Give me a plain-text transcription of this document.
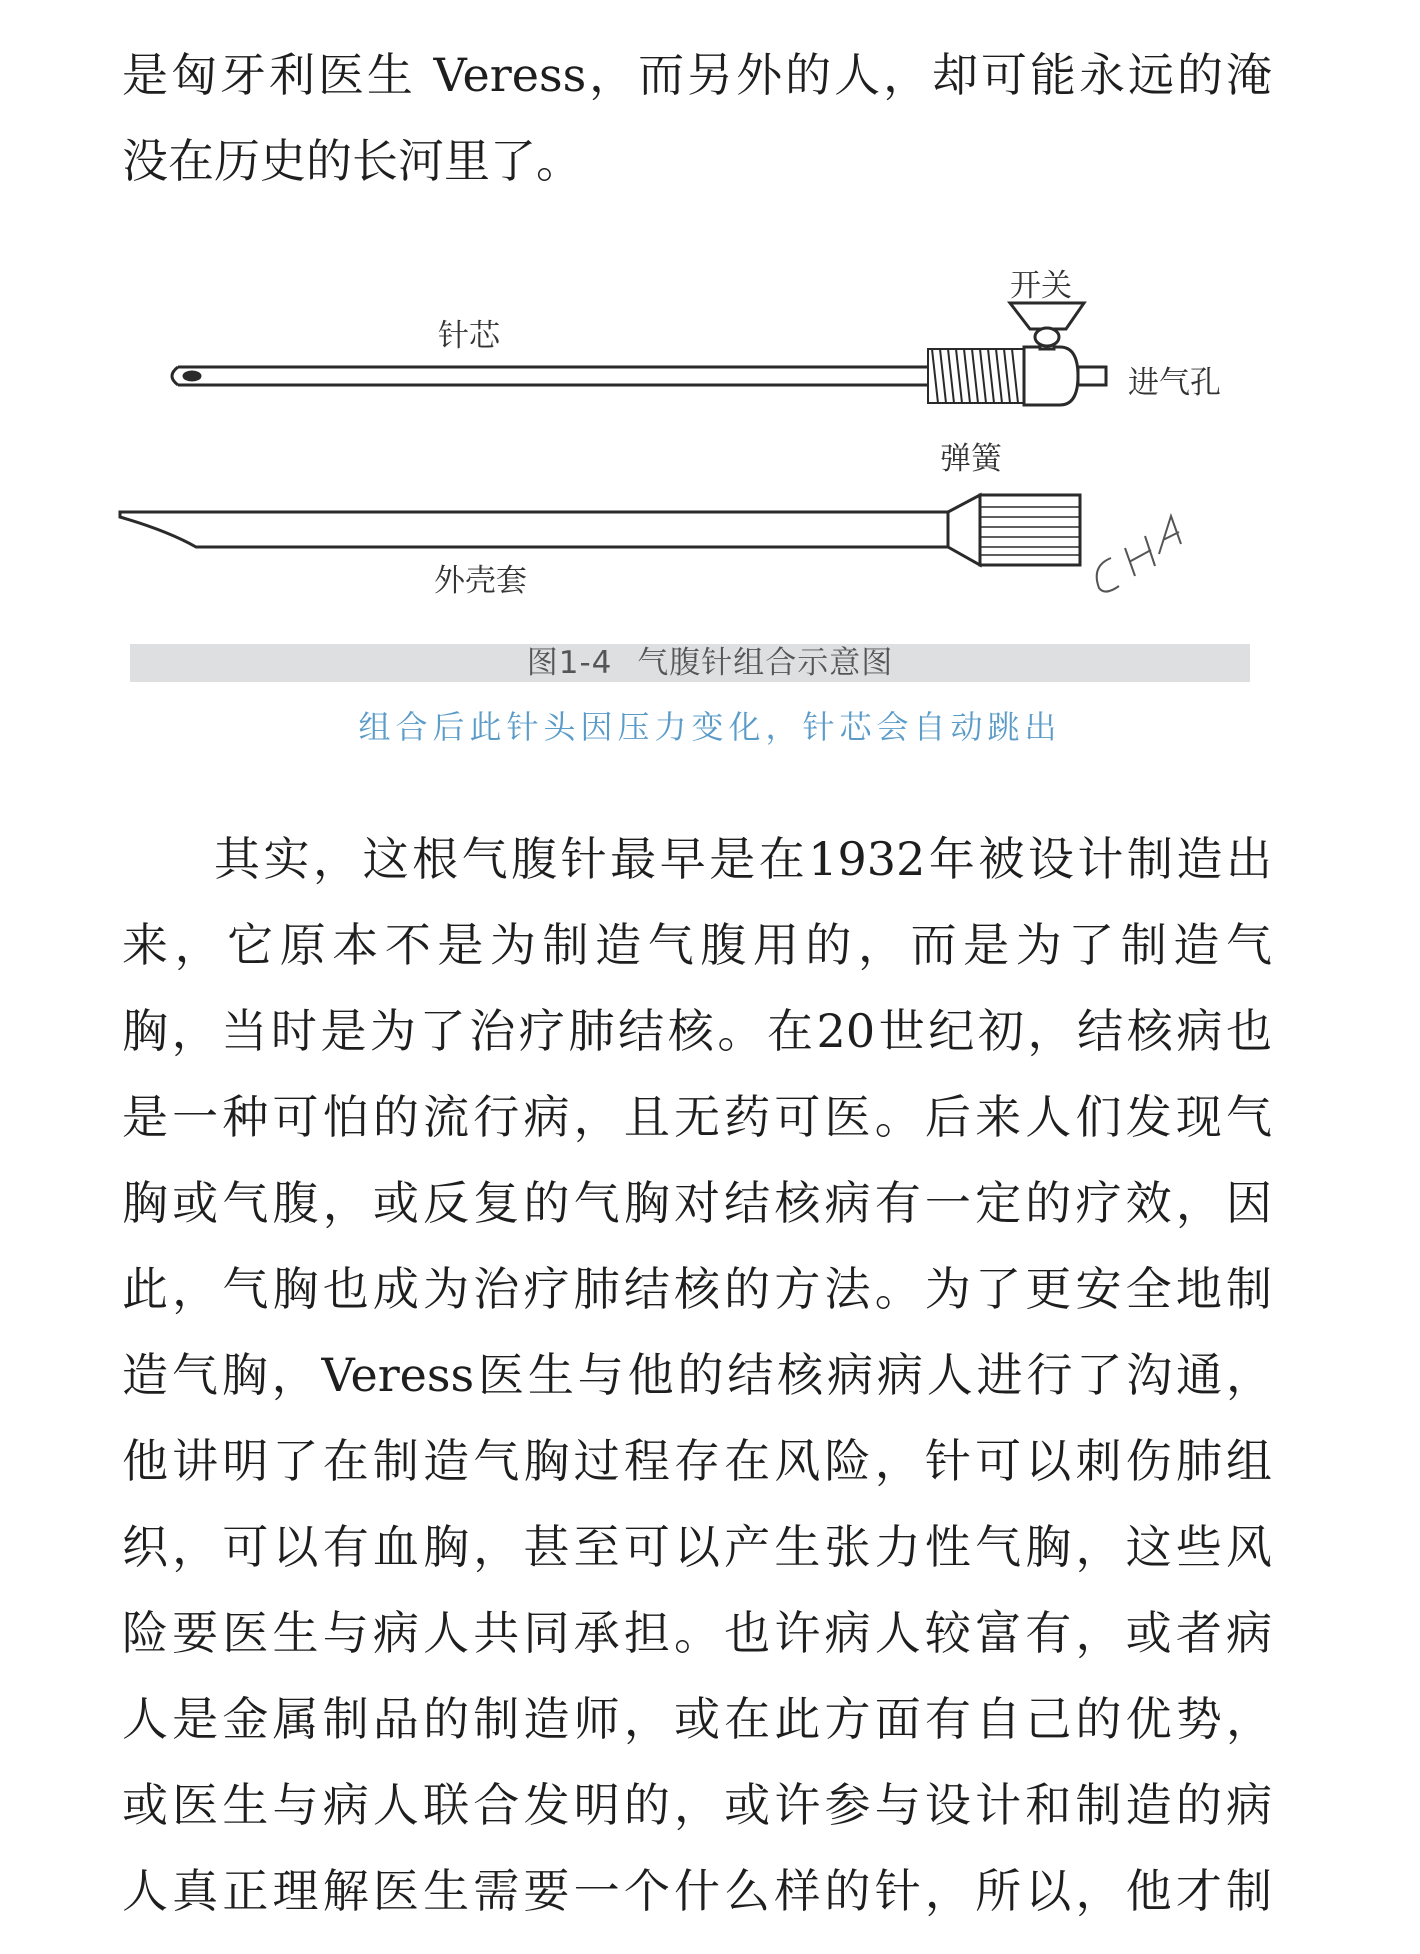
是匈牙利医生 Veress，而另外的人，却可能永远的淹
没在历史的长河里了。
针芯
开关
进气孔
弹簧
外壳套
图1-4 气腹针组合示意图
组合后此针头因压力变化，针芯会自动跳出
其实，这根气腹针最早是在1932年被设计制造出
来，它原本不是为制造气腹用的，而是为了制造气
胸，当时是为了治疗肺结核。在20世纪初，结核病也
是一种可怕的流行病，且无药可医。后来人们发现气
胸或气腹，或反复的气胸对结核病有一定的疗效，因
此，气胸也成为治疗肺结核的方法。为了更安全地制
造气胸，Veress医生与他的结核病病人进行了沟通，
他讲明了在制造气胸过程存在风险，针可以刺伤肺组
织，可以有血胸，甚至可以产生张力性气胸，这些风
险要医生与病人共同承担。也许病人较富有，或者病
人是金属制品的制造师，或在此方面有自己的优势，
或医生与病人联合发明的，或许参与设计和制造的病
人真正理解医生需要一个什么样的针，所以，他才制
